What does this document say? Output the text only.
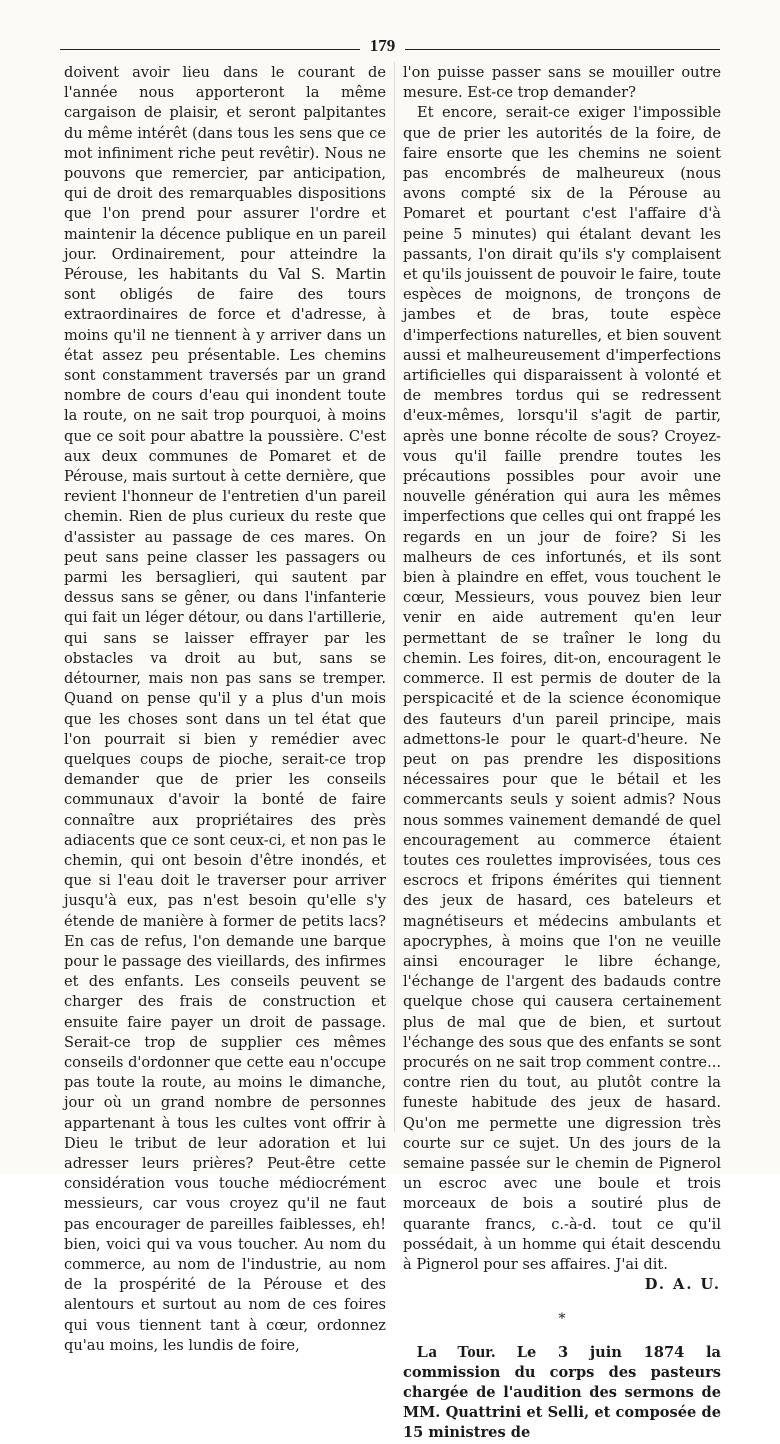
179

doivent avoir lieu dans le courant de l'année nous apporteront la même cargaison de plaisir, et seront palpitantes du même intérêt (dans tous les sens que ce mot infiniment riche peut revêtir). Nous ne pouvons que remercier, par anticipation, qui de droit des remarquables dispositions que l'on prend pour assurer l'ordre et maintenir la décence publique en un pareil jour. Ordinairement, pour atteindre la Pérouse, les habitants du Val S. Martin sont obligés de faire des tours extraordinaires de force et d'adresse, à moins qu'il ne tiennent à y arriver dans un état assez peu présentable. Les chemins sont constamment traversés par un grand nombre de cours d'eau qui inondent toute la route, on ne sait trop pourquoi, à moins que ce soit pour abattre la poussière. C'est aux deux communes de Pomaret et de Pérouse, mais surtout à cette dernière, que revient l'honneur de l'entretien d'un pareil chemin. Rien de plus curieux du reste que d'assister au passage de ces mares. On peut sans peine classer les passagers ou parmi les bersaglieri, qui sautent par dessus sans se gêner, ou dans l'infanterie qui fait un léger détour, ou dans l'artillerie, qui sans se laisser effrayer par les obstacles va droit au but, sans se détourner, mais non pas sans se tremper. Quand on pense qu'il y a plus d'un mois que les choses sont dans un tel état que l'on pourrait si bien y remédier avec quelques coups de pioche, serait-ce trop demander que de prier les conseils communaux d'avoir la bonté de faire connaître aux propriétaires des près adiacents que ce sont ceux-ci, et non pas le chemin, qui ont besoin d'être inondés, et que si l'eau doit le traverser pour arriver jusqu'à eux, pas n'est besoin qu'elle s'y étende de manière à former de petits lacs? En cas de refus, l'on demande une barque pour le passage des vieillards, des infirmes et des enfants. Les conseils peuvent se charger des frais de construction et ensuite faire payer un droit de passage. Serait-ce trop de supplier ces mêmes conseils d'ordonner que cette eau n'occupe pas toute la route, au moins le dimanche, jour où un grand nombre de personnes appartenant à tous les cultes vont offrir à Dieu le tribut de leur adoration et lui adresser leurs prières? Peut-être cette considération vous touche médiocrément messieurs, car vous croyez qu'il ne faut pas encourager de pareilles faiblesses, eh! bien, voici qui va vous toucher. Au nom du commerce, au nom de l'industrie, au nom de la prospérité de la Pérouse et des alentours et surtout au nom de ces foires qui vous tiennent tant à cœur, ordonnez qu'au moins, les lundis de foire,

l'on puisse passer sans se mouiller outre mesure. Est-ce trop demander?

Et encore, serait-ce exiger l'impossible que de prier les autorités de la foire, de faire ensorte que les chemins ne soient pas encombrés de malheureux (nous avons compté six de la Pérouse au Pomaret et pourtant c'est l'affaire d'à peine 5 minutes) qui étalant devant les passants, l'on dirait qu'ils s'y complaisent et qu'ils jouissent de pouvoir le faire, toute espèces de moignons, de tronçons de jambes et de bras, toute espèce d'imperfections naturelles, et bien souvent aussi et malheureusement d'imperfections artificielles qui disparaissent à volonté et de membres tordus qui se redressent d'eux-mêmes, lorsqu'il s'agit de partir, après une bonne récolte de sous? Croyez-vous qu'il faille prendre toutes les précautions possibles pour avoir une nouvelle génération qui aura les mêmes imperfections que celles qui ont frappé les regards en un jour de foire? Si les malheurs de ces infortunés, et ils sont bien à plaindre en effet, vous touchent le cœur, Messieurs, vous pouvez bien leur venir en aide autrement qu'en leur permettant de se traîner le long du chemin. Les foires, dit-on, encouragent le commerce. Il est permis de douter de la perspicacité et de la science économique des fauteurs d'un pareil principe, mais admettons-le pour le quart-d'heure. Ne peut on pas prendre les dispositions nécessaires pour que le bétail et les commercants seuls y soient admis? Nous nous sommes vainement demandé de quel encouragement au commerce étaient toutes ces roulettes improvisées, tous ces escrocs et fripons émérites qui tiennent des jeux de hasard, ces bateleurs et magnétiseurs et médecins ambulants et apocryphes, à moins que l'on ne veuille ainsi encourager le libre échange, l'échange de l'argent des badauds contre quelque chose qui causera certainement plus de mal que de bien, et surtout l'échange des sous que des enfants se sont procurés on ne sait trop comment contre... contre rien du tout, au plutôt contre la funeste habitude des jeux de hasard. Qu'on me permette une digression très courte sur ce sujet. Un des jours de la semaine passée sur le chemin de Pignerol un escroc avec une boule et trois morceaux de bois a soutiré plus de quarante francs, c.-à-d. tout ce qu'il possédait, à un homme qui était descendu à Pignerol pour ses affaires. J'ai dit.

D. A. U.
*

La Tour. Le 3 juin 1874 la commission du corps des pasteurs chargée de l'audition des sermons de MM. Quattrini et Selli, et composée de 15 ministres de
